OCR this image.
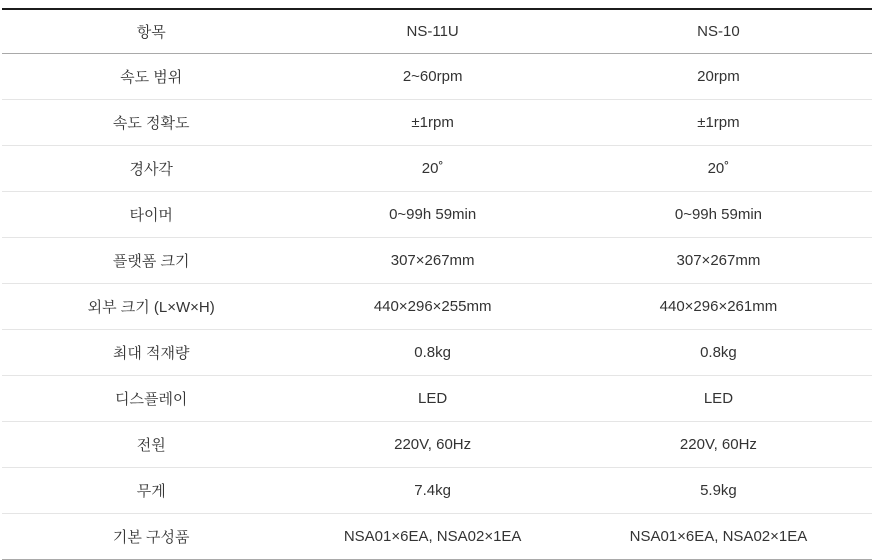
항목	NS-11U	NS-10
속도 범위	2~60rpm	20rpm
속도 정확도	±1rpm	±1rpm
경사각	20˚	20˚
타이머	0~99h 59min	0~99h 59min
플랫폼 크기	307×267mm	307×267mm
외부 크기 (L×W×H)	440×296×255mm	440×296×261mm
최대 적재량	0.8kg	0.8kg
디스플레이	LED	LED
전원	220V, 60Hz	220V, 60Hz
무게	7.4kg	5.9kg
기본 구성품	NSA01×6EA, NSA02×1EA	NSA01×6EA, NSA02×1EA
